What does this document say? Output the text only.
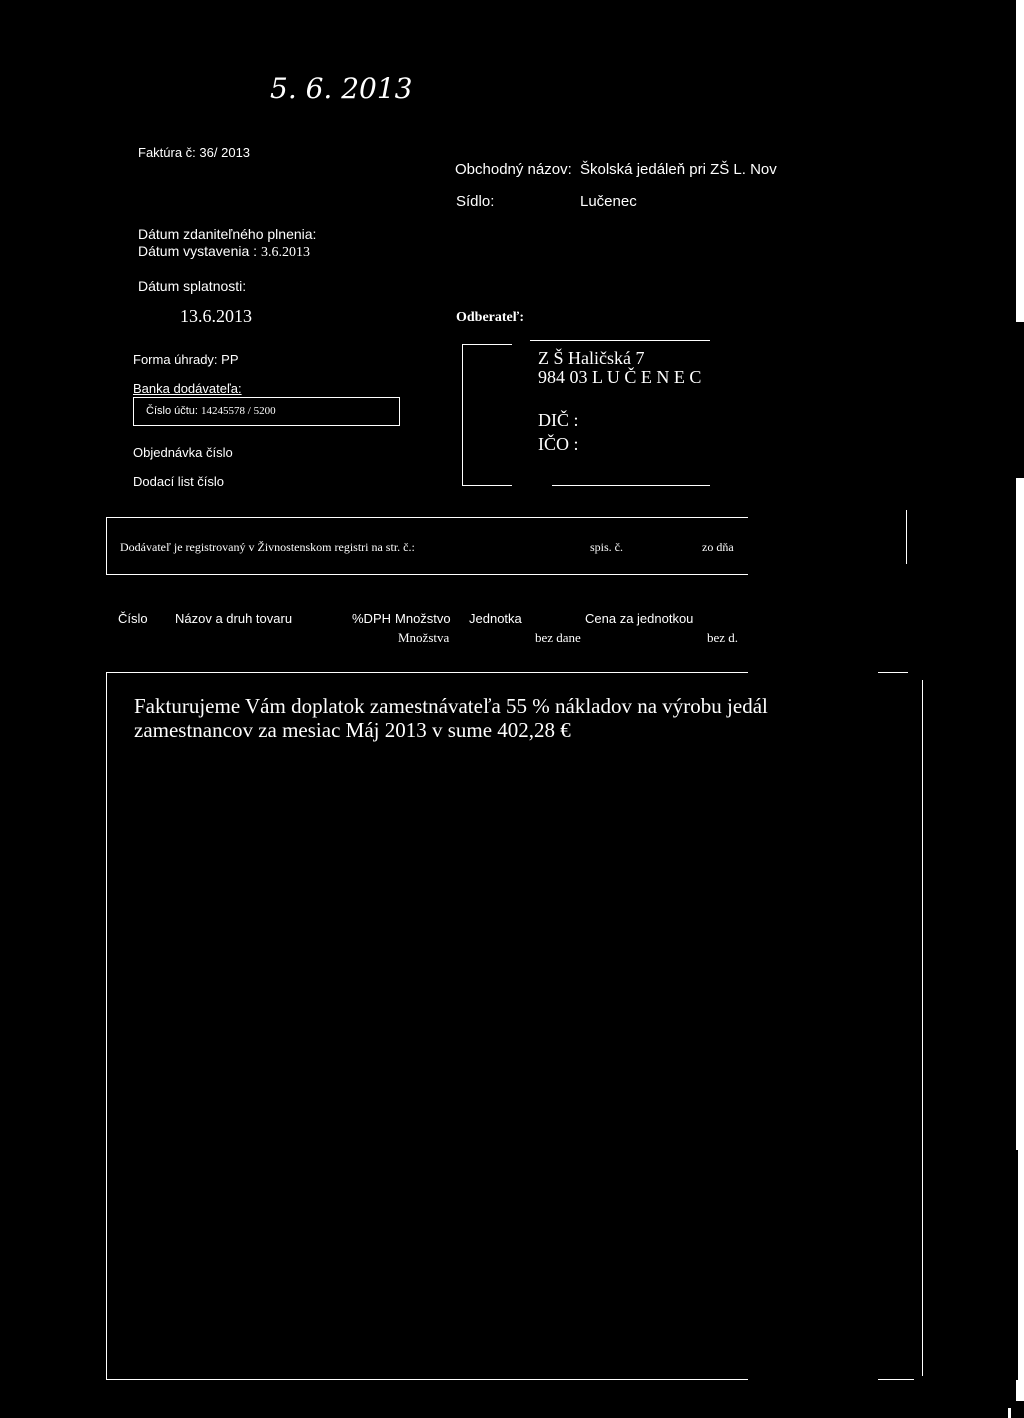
5. 6. 2013
Faktúra č: 36/ 2013
Obchodný názov: Školská jedáleň pri ZŠ L. Nov
Sídlo:	Lučenec
Dátum zdaniteľného plnenia:
Dátum vystavenia : 3.6.2013
Dátum splatnosti:
13.6.2013	Odberateľ:
Forma úhrady: PP
Banka dodávateľa:
Číslo účtu: 14245578 / 5200
Objednávka číslo
Dodací list číslo
Z Š Haličská 7
984 03 L U Č E N E C
DIČ :
IČO :
Dodávateľ je registrovaný v Živnostenskom registri na str. č.:	spis. č.	zo dňa
Číslo Názov a druh tovaru	%DPH Množstvo Jednotka	Cena za jednotkou
Množstva	bez dane	bez d.
Fakturujeme Vám doplatok zamestnávateľa 55 % nákladov na výrobu jedál
zamestnancov za mesiac Máj 2013 v sume 402,28 €
